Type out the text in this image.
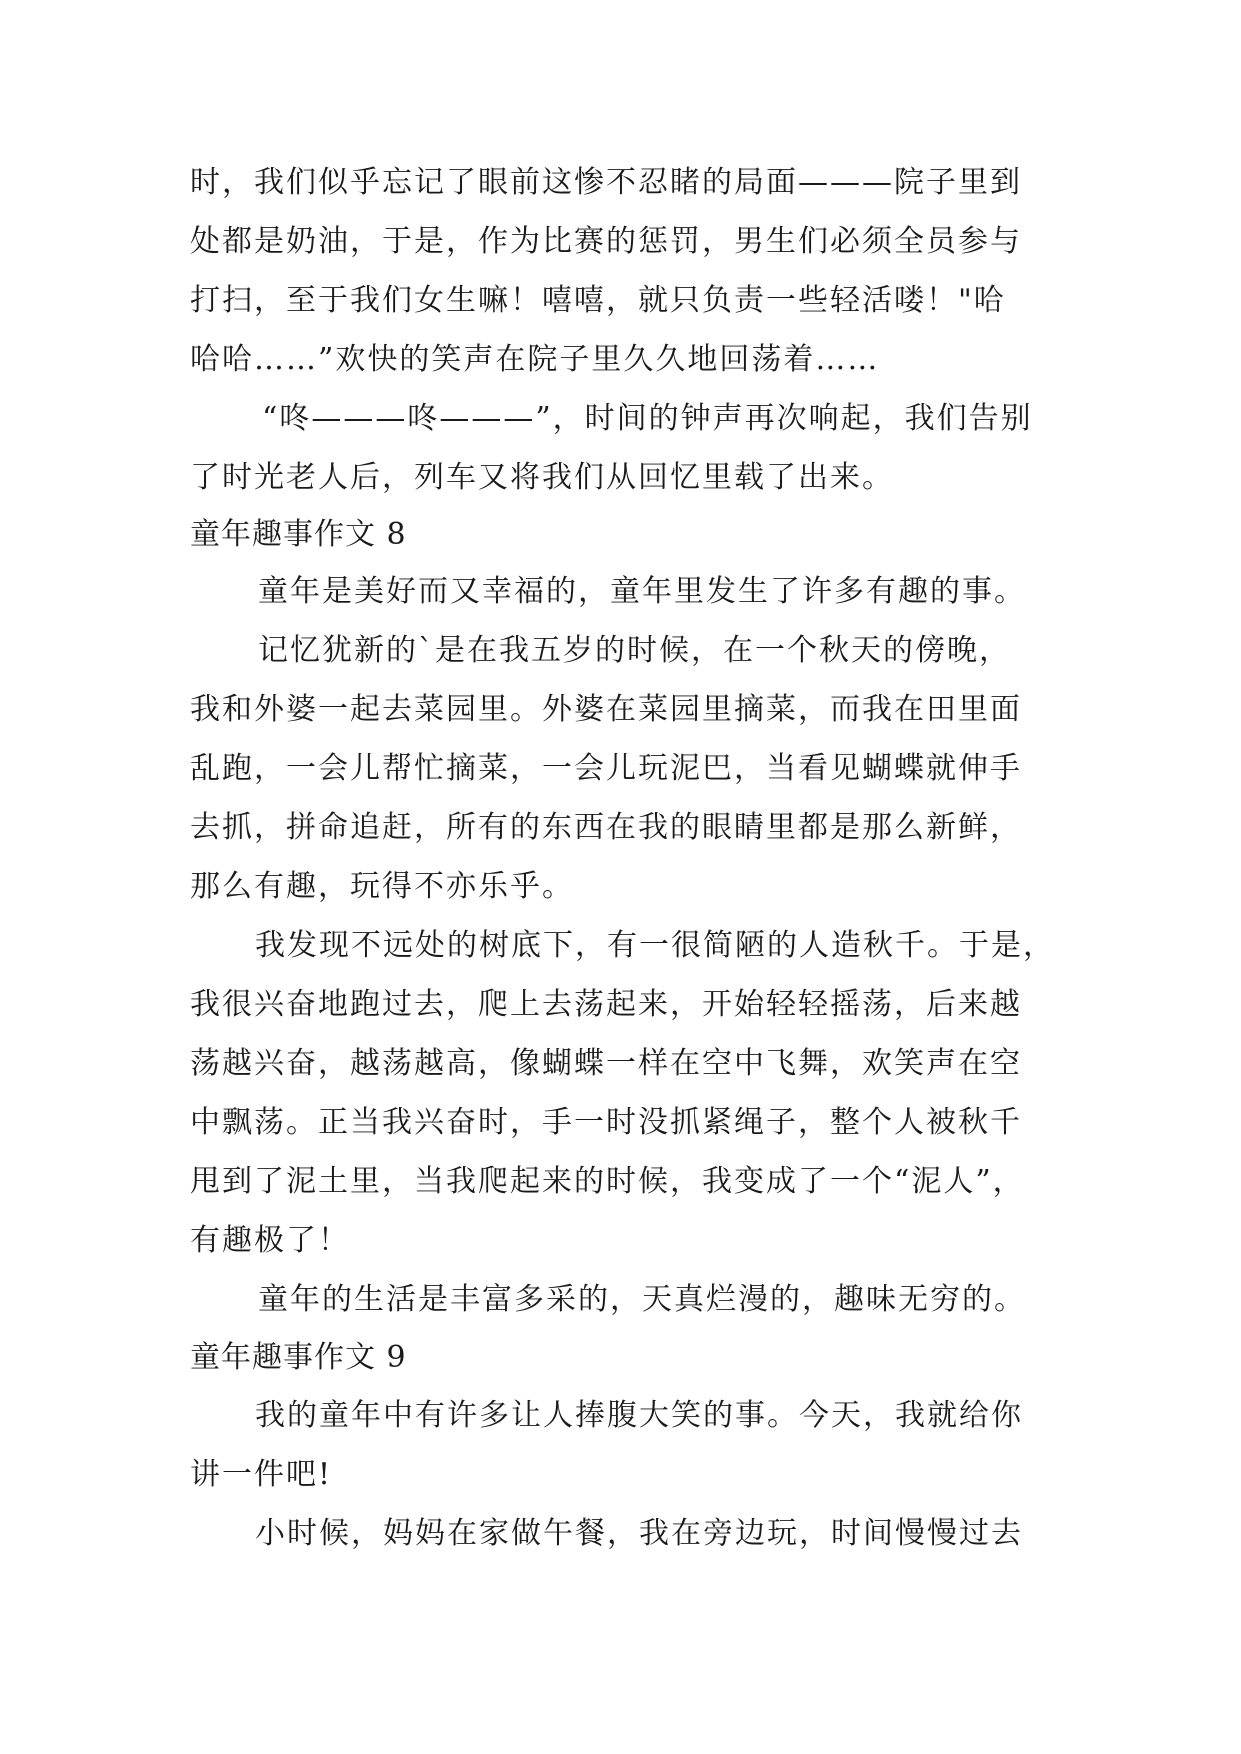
时，我们似乎忘记了眼前这惨不忍睹的局面———院子里到
处都是奶油，于是，作为比赛的惩罚，男生们必须全员参与
打扫，至于我们女生嘛！嘻嘻，就只负责一些轻活喽！"哈
哈哈……”欢快的笑声在院子里久久地回荡着……
“咚———咚———”，时间的钟声再次响起，我们告别
了时光老人后，列车又将我们从回忆里载了出来。
童年趣事作文 8
童年是美好而又幸福的，童年里发生了许多有趣的事。
记忆犹新的`是在我五岁的时候，在一个秋天的傍晚，
我和外婆一起去菜园里。外婆在菜园里摘菜，而我在田里面
乱跑，一会儿帮忙摘菜，一会儿玩泥巴，当看见蝴蝶就伸手
去抓，拼命追赶，所有的东西在我的眼睛里都是那么新鲜，
那么有趣，玩得不亦乐乎。
我发现不远处的树底下，有一很简陋的人造秋千。于是，
我很兴奋地跑过去，爬上去荡起来，开始轻轻摇荡，后来越
荡越兴奋，越荡越高，像蝴蝶一样在空中飞舞，欢笑声在空
中飘荡。正当我兴奋时，手一时没抓紧绳子，整个人被秋千
甩到了泥土里，当我爬起来的时候，我变成了一个“泥人”，
有趣极了！
童年的生活是丰富多采的，天真烂漫的，趣味无穷的。
童年趣事作文 9
我的童年中有许多让人捧腹大笑的事。今天，我就给你
讲一件吧!
小时候，妈妈在家做午餐，我在旁边玩，时间慢慢过去
